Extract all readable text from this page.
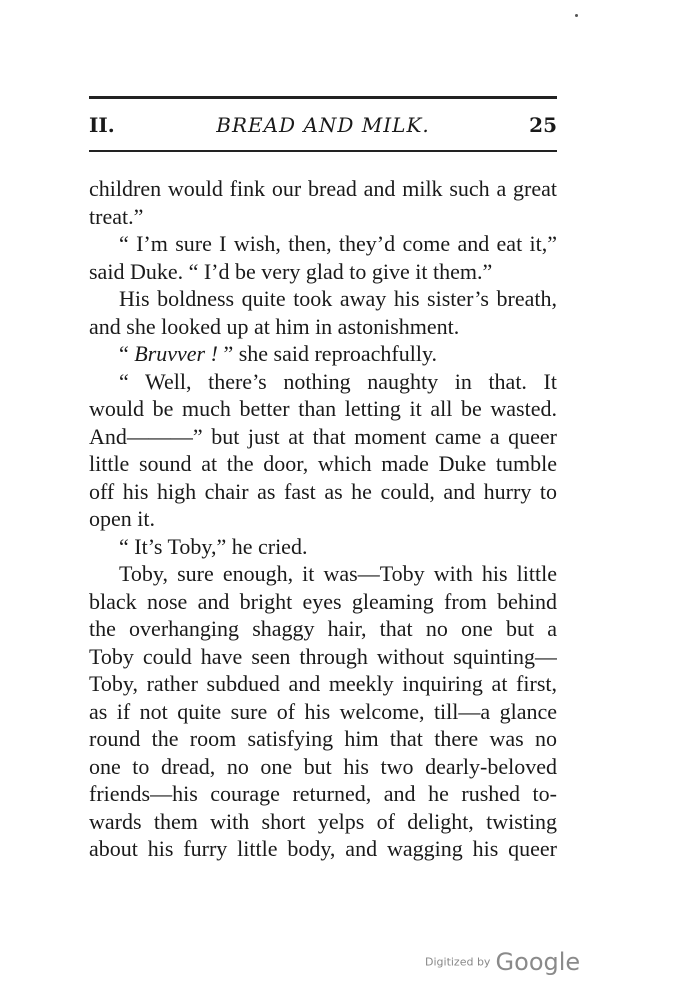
II.	BREAD AND MILK.	25
children would fink our bread and milk such a great
treat.”
“ I’m sure I wish, then, they’d come and eat it,”
said Duke. “ I’d be very glad to give it them.”
His boldness quite took away his sister’s breath,
and she looked up at him in astonishment.
“ Bruvver ! ” she said reproachfully.
“ Well, there’s nothing naughty in that. It
would be much better than letting it all be wasted.
And———” but just at that moment came a queer
little sound at the door, which made Duke tumble
off his high chair as fast as he could, and hurry to
open it.
“ It’s Toby,” he cried.
Toby, sure enough, it was—Toby with his little
black nose and bright eyes gleaming from behind
the overhanging shaggy hair, that no one but a
Toby could have seen through without squinting—
Toby, rather subdued and meekly inquiring at first,
as if not quite sure of his welcome, till—a glance
round the room satisfying him that there was no
one to dread, no one but his two dearly-beloved
friends—his courage returned, and he rushed to-
wards them with short yelps of delight, twisting
about his furry little body, and wagging his queer
Digitized by Google
